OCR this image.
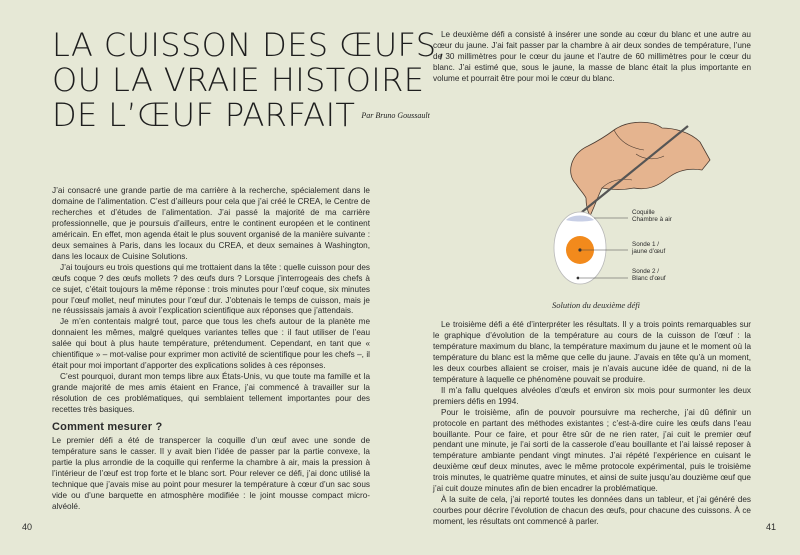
LA CUISSON DES ŒUFS,
OU LA VRAIE HISTOIRE
DE L’ŒUF PARFAIT $^{Par Bruno Goussault}$

J’ai consacré une grande partie de ma carrière à la recherche, spécialement dans le domaine de l’alimentation. C’est d’ailleurs pour cela que j’ai créé le CREA, le Centre de recherches et d’études de l’alimentation. J’ai passé la majorité de ma carrière professionnelle, que je poursuis d’ailleurs, entre le continent européen et le continent américain. En effet, mon agenda était le plus souvent organisé de la manière suivante : deux semaines à Paris, dans les locaux du CREA, et deux semaines à Washington, dans les locaux de Cuisine Solutions.

J’ai toujours eu trois questions qui me trottaient dans la tête : quelle cuisson pour des œufs coque ? des œufs mollets ? des œufs durs ? Lorsque j’interrogeais des chefs à ce sujet, c’était toujours la même réponse : trois minutes pour l’œuf coque, six minutes pour l’œuf mollet, neuf minutes pour l’œuf dur. J’obtenais le temps de cuisson, mais je ne réussissais jamais à avoir l’explication scientifique aux réponses que j’attendais.

Je m’en contentais malgré tout, parce que tous les chefs autour de la planète me donnaient les mêmes, malgré quelques variantes telles que : il faut utiliser de l’eau salée qui bout à plus haute température, prétendument. Cependant, en tant que « chientifique » – mot-valise pour exprimer mon activité de scientifique pour les chefs –, il était pour moi important d’apporter des explications solides à ces réponses.

C’est pourquoi, durant mon temps libre aux États-Unis, vu que toute ma famille et la grande majorité de mes amis étaient en France, j’ai commencé à travailler sur la résolution de ces problématiques, qui semblaient tellement importantes pour des recettes très basiques.

Comment mesurer ?

Le premier défi a été de transpercer la coquille d’un œuf avec une sonde de température sans le casser. Il y avait bien l’idée de passer par la partie convexe, la partie la plus arrondie de la coquille qui renferme la chambre à air, mais la pression à l’intérieur de l’œuf est trop forte et le blanc sort. Pour relever ce défi, j’ai donc utilisé la technique que j’avais mise au point pour mesurer la température à cœur d’un sac sous vide ou d’une barquette en atmosphère modifiée : le joint mousse compact micro-alvéolé.

40

Le deuxième défi a consisté à insérer une sonde au cœur du blanc et une autre au cœur du jaune. J’ai fait passer par la chambre à air deux sondes de température, l’une de 30 millimètres pour le cœur du jaune et l’autre de 60 millimètres pour le cœur du blanc. J’ai estimé que, sous le jaune, la masse de blanc était la plus importante en volume et pourrait être pour moi le cœur du blanc.

Coquille
Chambre à air
Sonde 1 /
jaune d’œuf
Sonde 2 /
Blanc d’œuf
Solution du deuxième défi

Le troisième défi a été d’interpréter les résultats. Il y a trois points remarquables sur le graphique d’évolution de la température au cours de la cuisson de l’œuf : la température maximum du blanc, la température maximum du jaune et le moment où la température du blanc est la même que celle du jaune. J’avais en tête qu’à un moment, les deux courbes allaient se croiser, mais je n’avais aucune idée de quand, ni de la température à laquelle ce phénomène pouvait se produire.

Il m’a fallu quelques alvéoles d’œufs et environ six mois pour surmonter les deux premiers défis en 1994.

Pour le troisième, afin de pouvoir poursuivre ma recherche, j’ai dû définir un protocole en partant des méthodes existantes ; c’est-à-dire cuire les œufs dans l’eau bouillante. Pour ce faire, et pour être sûr de ne rien rater, j’ai cuit le premier œuf pendant une minute, je l’ai sorti de la casserole d’eau bouillante et l’ai laissé reposer à température ambiante pendant vingt minutes. J’ai répété l’expérience en cuisant le deuxième œuf deux minutes, avec le même protocole expérimental, puis le troisième trois minutes, le quatrième quatre minutes, et ainsi de suite jusqu’au douzième œuf que j’ai cuit douze minutes afin de bien encadrer la problématique.

À la suite de cela, j’ai reporté toutes les données dans un tableur, et j’ai généré des courbes pour décrire l’évolution de chacun des œufs, pour chacune des cuissons. À ce moment, les résultats ont commencé à parler.

41
